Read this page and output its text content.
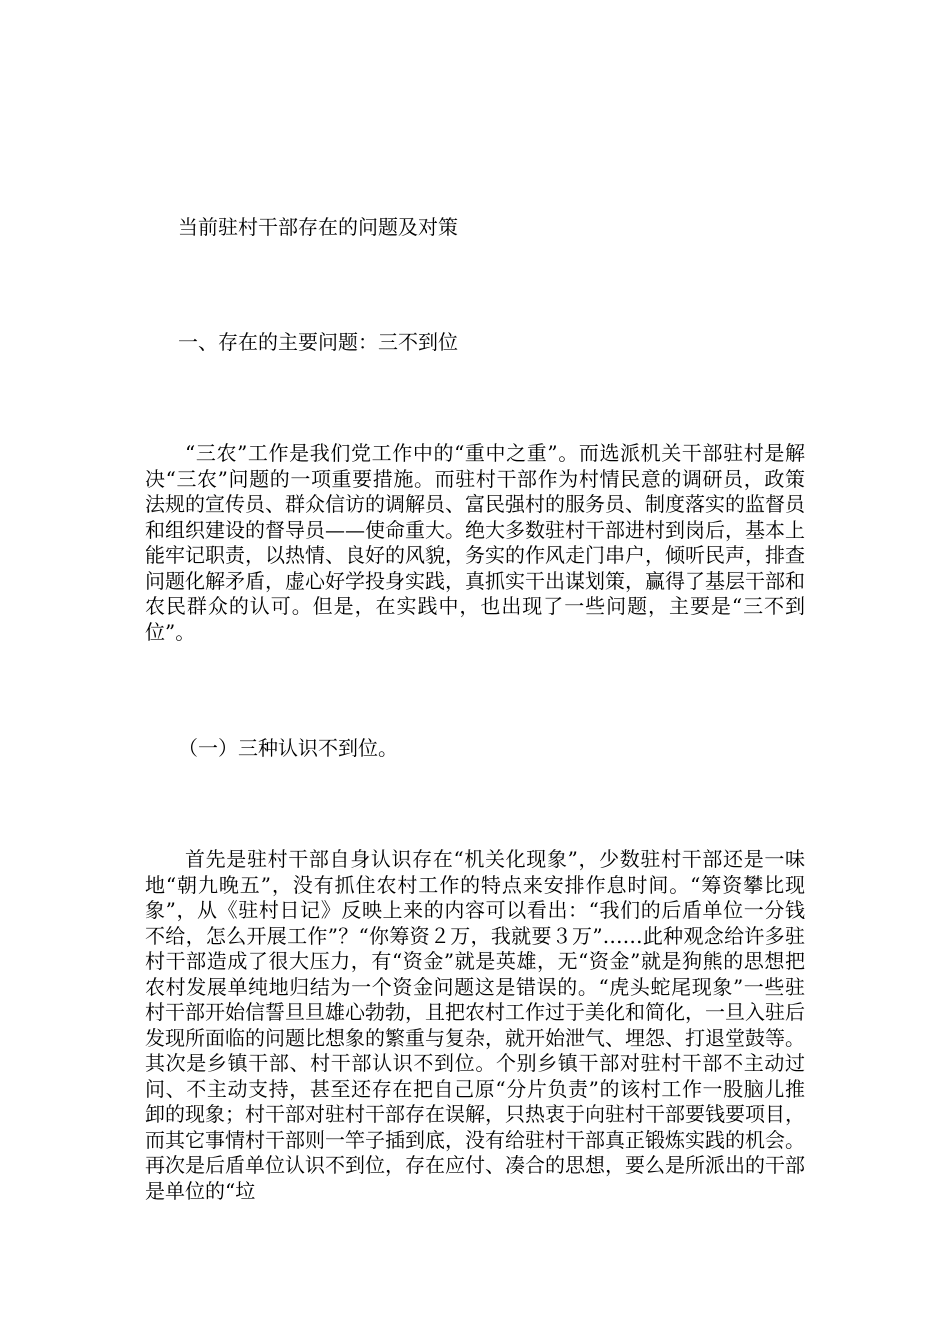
当前驻村干部存在的问题及对策
一、存在的主要问题：三不到位

“三农”工作是我们党工作中的“重中之重”。而选派机关干部驻村是解决“三农”问题的一项重要措施。而驻村干部作为村情民意的调研员，政策法规的宣传员、群众信访的调解员、富民强村的服务员、制度落实的监督员和组织建设的督导员——使命重大。绝大多数驻村干部进村到岗后，基本上能牢记职责，以热情、良好的风貌，务实的作风走门串户，倾听民声，排查问题化解矛盾，虚心好学投身实践，真抓实干出谋划策，赢得了基层干部和农民群众的认可。但是，在实践中，也出现了一些问题，主要是“三不到位”。

（一）三种认识不到位。

首先是驻村干部自身认识存在“机关化现象”，少数驻村干部还是一味地“朝九晚五”，没有抓住农村工作的特点来安排作息时间。“筹资攀比现象”，从《驻村日记》反映上来的内容可以看出：“我们的后盾单位一分钱不给，怎么开展工作”？“你筹资２万，我就要３万”……此种观念给许多驻村干部造成了很大压力，有“资金”就是英雄，无“资金”就是狗熊的思想把农村发展单纯地归结为一个资金问题这是错误的。“虎头蛇尾现象”一些驻村干部开始信誓旦旦雄心勃勃，且把农村工作过于美化和简化，一旦入驻后发现所面临的问题比想象的繁重与复杂，就开始泄气、埋怨、打退堂鼓等。其次是乡镇干部、村干部认识不到位。个别乡镇干部对驻村干部不主动过问、不主动支持，甚至还存在把自己原“分片负责”的该村工作一股脑儿推卸的现象；村干部对驻村干部存在误解，只热衷于向驻村干部要钱要项目，而其它事情村干部则一竿子插到底，没有给驻村干部真正锻炼实践的机会。再次是后盾单位认识不到位，存在应付、凑合的思想，要么是所派出的干部是单位的“垃
